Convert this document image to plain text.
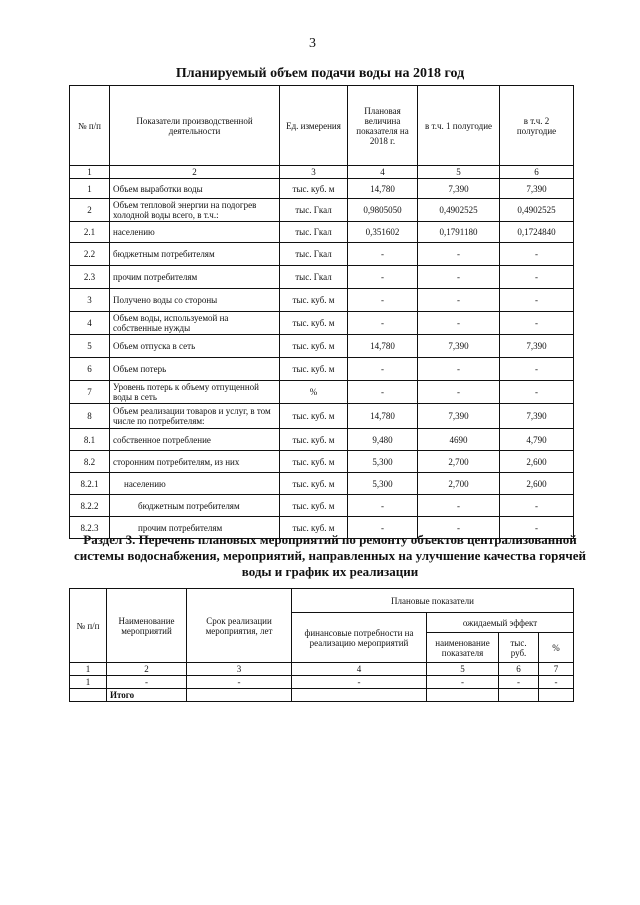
3
Планируемый объем подачи воды на 2018 год
№ п/п	Показатели производственной деятельности	Ед. измерения	Плановая величина показателя на 2018 г.	в т.ч. 1 полугодие	в т.ч. 2 полугодие
1	2	3	4	5	6
1	Объем выработки воды	тыс. куб. м	14,780	7,390	7,390
2	Объем тепловой энергии на подогрев холодной воды всего, в т.ч.:	тыс. Гкал	0,9805050	0,4902525	0,4902525
2.1	населению	тыс. Гкал	0,351602	0,1791180	0,1724840
2.2	бюджетным потребителям	тыс. Гкал	-	-	-
2.3	прочим потребителям	тыс. Гкал	-	-	-
3	Получено воды со стороны	тыс. куб. м	-	-	-
4	Объем воды, используемой на собственные нужды	тыс. куб. м	-	-	-
5	Объем отпуска в сеть	тыс. куб. м	14,780	7,390	7,390
6	Объем потерь	тыс. куб. м	-	-	-
7	Уровень потерь к объему отпущенной воды в сеть	%	-	-	-
8	Объем реализации товаров и услуг, в том числе по потребителям:	тыс. куб. м	14,780	7,390	7,390
8.1	собственное потребление	тыс. куб. м	9,480	4690	4,790
8.2	сторонним потребителям, из них	тыс. куб. м	5,300	2,700	2,600
8.2.1	населению	тыс. куб. м	5,300	2,700	2,600
8.2.2	бюджетным потребителям	тыс. куб. м	-	-	-
8.2.3	прочим потребителям	тыс. куб. м	-	-	-
Раздел 3. Перечень плановых мероприятий по ремонту объектов централизованной системы водоснабжения, мероприятий, направленных на улучшение качества горячей воды и график их реализации
№ п/п	Наименование мероприятий	Срок реализации мероприятия, лет	Плановые показатели			
			финансовые потребности на реализацию мероприятий	ожидаемый эффект		
				наименование показателя	тыс. руб.	%
1	2	3	4	5	6	7
1	-	-	-	-	-	-
	Итого					
